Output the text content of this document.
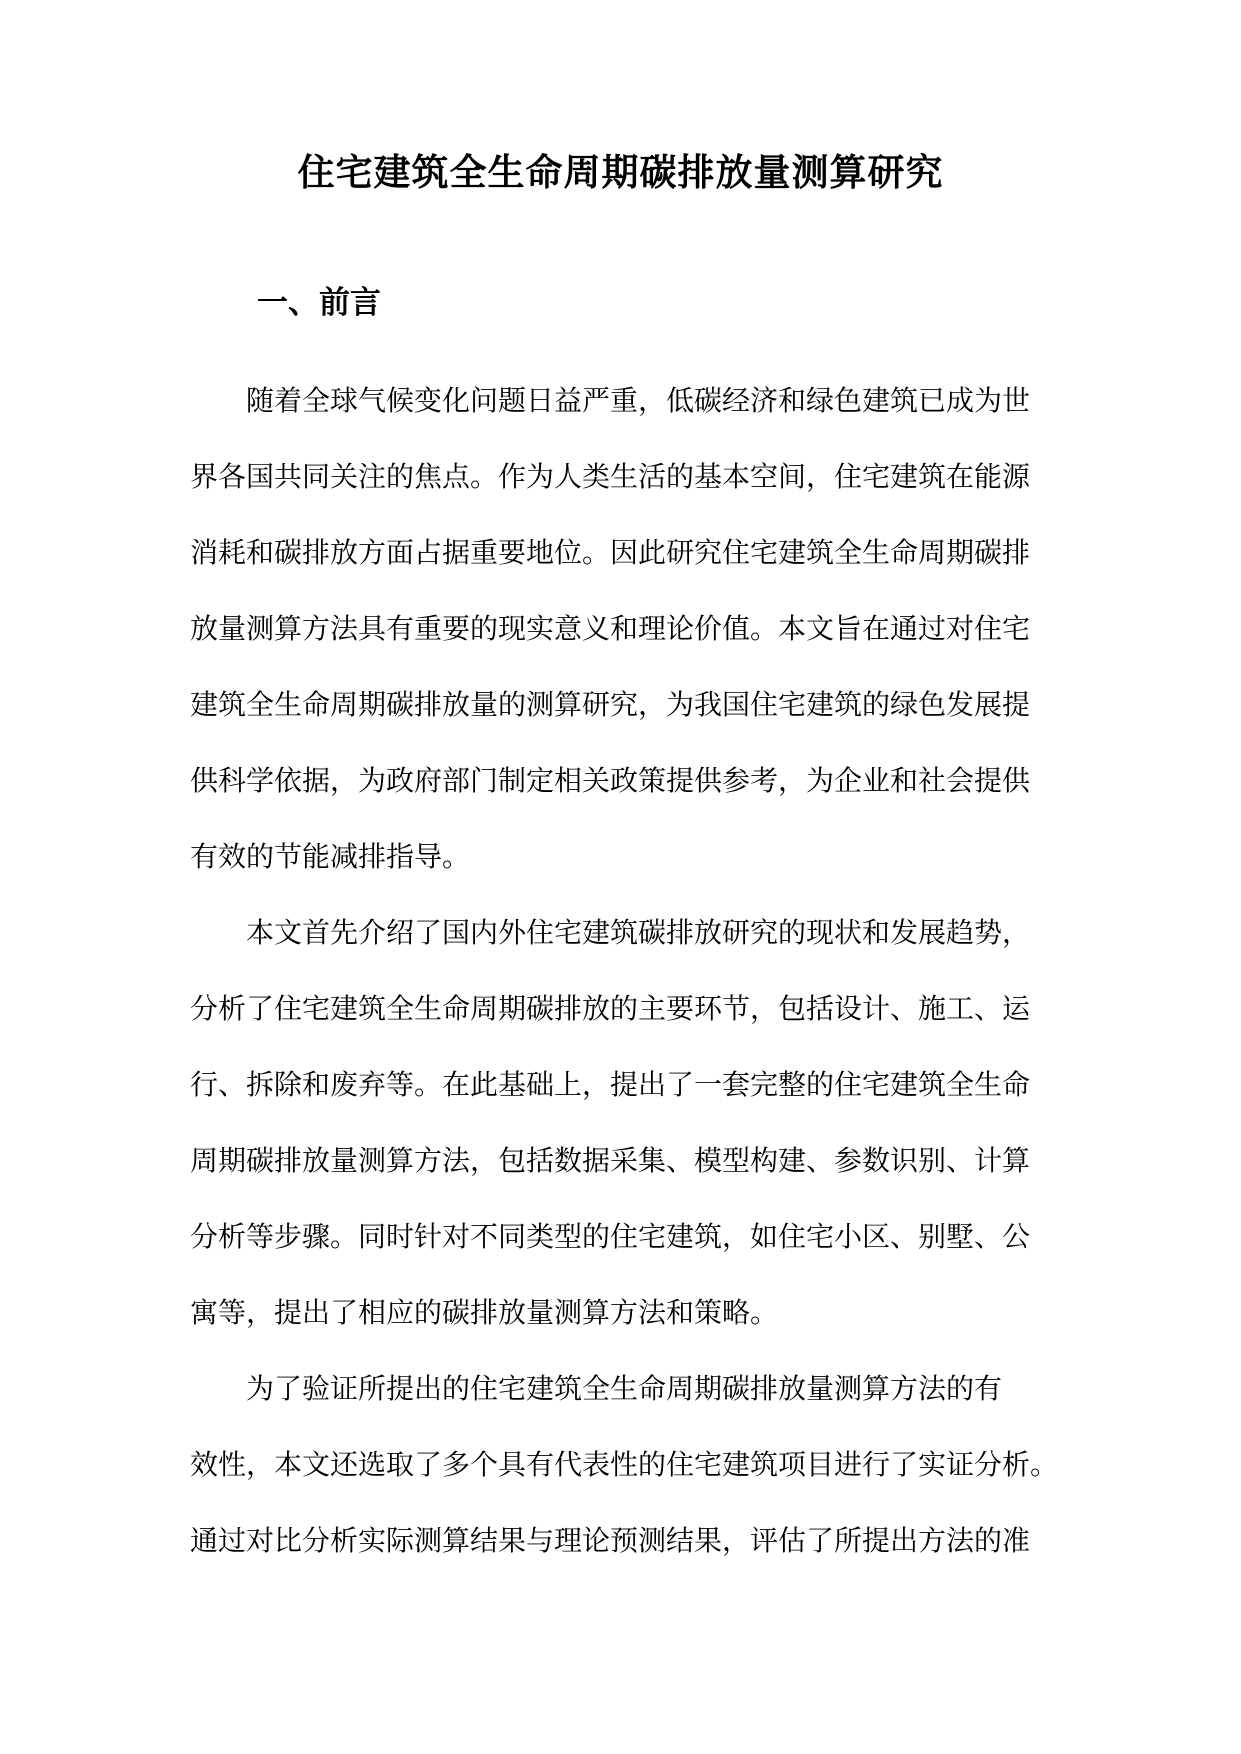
住宅建筑全生命周期碳排放量测算研究
一、前言

随着全球气候变化问题日益严重，低碳经济和绿色建筑已成为世
界各国共同关注的焦点。作为人类生活的基本空间，住宅建筑在能源
消耗和碳排放方面占据重要地位。因此研究住宅建筑全生命周期碳排
放量测算方法具有重要的现实意义和理论价值。本文旨在通过对住宅
建筑全生命周期碳排放量的测算研究，为我国住宅建筑的绿色发展提
供科学依据，为政府部门制定相关政策提供参考，为企业和社会提供
有效的节能减排指导。

本文首先介绍了国内外住宅建筑碳排放研究的现状和发展趋势，
分析了住宅建筑全生命周期碳排放的主要环节，包括设计、施工、运
行、拆除和废弃等。在此基础上，提出了一套完整的住宅建筑全生命
周期碳排放量测算方法，包括数据采集、模型构建、参数识别、计算
分析等步骤。同时针对不同类型的住宅建筑，如住宅小区、别墅、公
寓等，提出了相应的碳排放量测算方法和策略。

为了验证所提出的住宅建筑全生命周期碳排放量测算方法的有
效性，本文还选取了多个具有代表性的住宅建筑项目进行了实证分析。
通过对比分析实际测算结果与理论预测结果，评估了所提出方法的准
